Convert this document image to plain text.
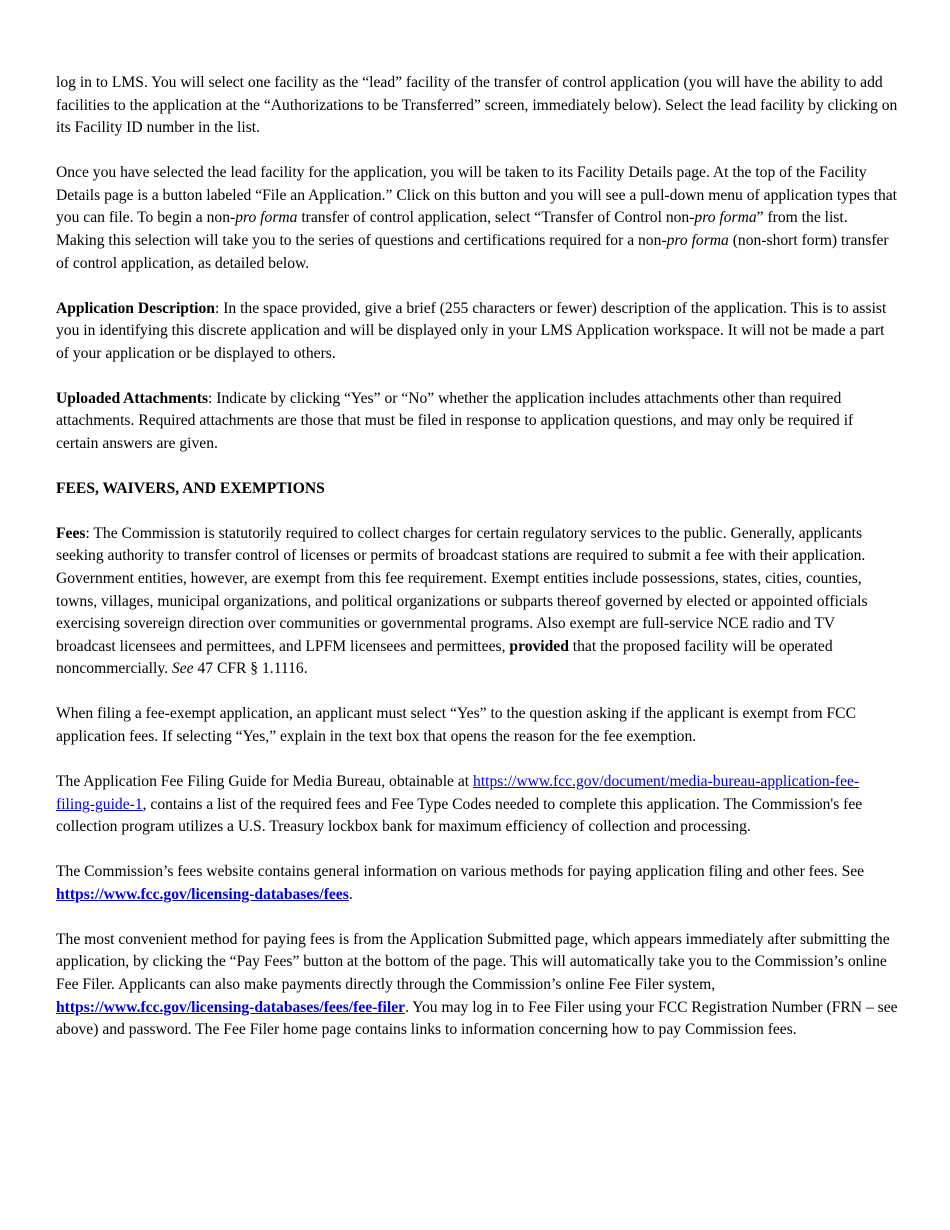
log in to LMS. You will select one facility as the “lead” facility of the transfer of control application (you will have the ability to add facilities to the application at the “Authorizations to be Transferred” screen, immediately below). Select the lead facility by clicking on its Facility ID number in the list.

Once you have selected the lead facility for the application, you will be taken to its Facility Details page. At the top of the Facility Details page is a button labeled “File an Application.” Click on this button and you will see a pull-down menu of application types that you can file. To begin a non-pro forma transfer of control application, select “Transfer of Control non-pro forma” from the list. Making this selection will take you to the series of questions and certifications required for a non-pro forma (non-short form) transfer of control application, as detailed below.

Application Description: In the space provided, give a brief (255 characters or fewer) description of the application. This is to assist you in identifying this discrete application and will be displayed only in your LMS Application workspace. It will not be made a part of your application or be displayed to others.

Uploaded Attachments: Indicate by clicking “Yes” or “No” whether the application includes attachments other than required attachments. Required attachments are those that must be filed in response to application questions, and may only be required if certain answers are given.

FEES, WAIVERS, AND EXEMPTIONS

Fees: The Commission is statutorily required to collect charges for certain regulatory services to the public. Generally, applicants seeking authority to transfer control of licenses or permits of broadcast stations are required to submit a fee with their application. Government entities, however, are exempt from this fee requirement. Exempt entities include possessions, states, cities, counties, towns, villages, municipal organizations, and political organizations or subparts thereof governed by elected or appointed officials exercising sovereign direction over communities or governmental programs. Also exempt are full-service NCE radio and TV broadcast licensees and permittees, and LPFM licensees and permittees, provided that the proposed facility will be operated noncommercially. See 47 CFR § 1.1116.

When filing a fee-exempt application, an applicant must select “Yes” to the question asking if the applicant is exempt from FCC application fees. If selecting “Yes,” explain in the text box that opens the reason for the fee exemption.

The Application Fee Filing Guide for Media Bureau, obtainable at https://www.fcc.gov/document/media-bureau-application-fee-filing-guide-1, contains a list of the required fees and Fee Type Codes needed to complete this application. The Commission's fee collection program utilizes a U.S. Treasury lockbox bank for maximum efficiency of collection and processing.

The Commission’s fees website contains general information on various methods for paying application filing and other fees. See https://www.fcc.gov/licensing-databases/fees.

The most convenient method for paying fees is from the Application Submitted page, which appears immediately after submitting the application, by clicking the “Pay Fees” button at the bottom of the page. This will automatically take you to the Commission’s online Fee Filer. Applicants can also make payments directly through the Commission’s online Fee Filer system, https://www.fcc.gov/licensing-databases/fees/fee-filer. You may log in to Fee Filer using your FCC Registration Number (FRN – see above) and password. The Fee Filer home page contains links to information concerning how to pay Commission fees.
